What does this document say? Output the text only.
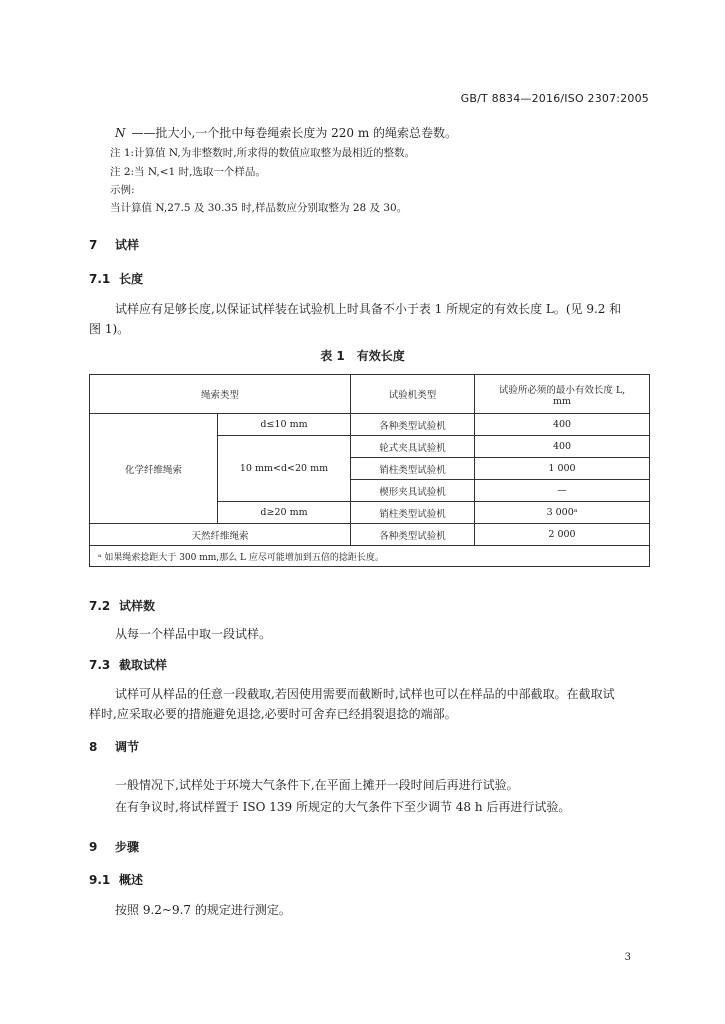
GB/T 8834—2016/ISO 2307:2005
N ——批大小,一个批中每卷绳索长度为 220 m 的绳索总卷数。
注 1:计算值 N,为非整数时,所求得的数值应取整为最相近的整数。
注 2:当 N,<1 时,选取一个样品。
示例:
当计算值 N,27.5 及 30.35 时,样品数应分别取整为 28 及 30。
7 试样
7.1 长度
试样应有足够长度,以保证试样装在试验机上时具备不小于表 1 所规定的有效长度 L。(见 9.2 和
图 1)。
表 1　有效长度
绳索类型		试验机类型	试验所必须的最小有效长度 L,
mm

化学纤维绳索	d≤10 mm	各种类型试验机	400
	10 mm<d<20 mm	轮式夹具试验机	400
		销柱类型试验机	1 000
		楔形夹具试验机	—
	d≥20 mm	销柱类型试验机	3 000ᵃ
天然纤维绳索		各种类型试验机	2 000
ᵃ 如果绳索捻距大于 300 mm,那么 L 应尽可能增加到五倍的捻距长度。			
7.2 试样数
从每一个样品中取一段试样。
7.3 截取试样
试样可从样品的任意一段截取,若因使用需要而截断时,试样也可以在样品的中部截取。在截取试
样时,应采取必要的措施避免退捻,必要时可舍弃已经捐裂退捻的端部。
8 调节
一般情况下,试样处于环境大气条件下,在平面上摊开一段时间后再进行试验。
在有争议时,将试样置于 ISO 139 所规定的大气条件下至少调节 48 h 后再进行试验。
9 步骤
9.1 概述
按照 9.2~9.7 的规定进行测定。
3
